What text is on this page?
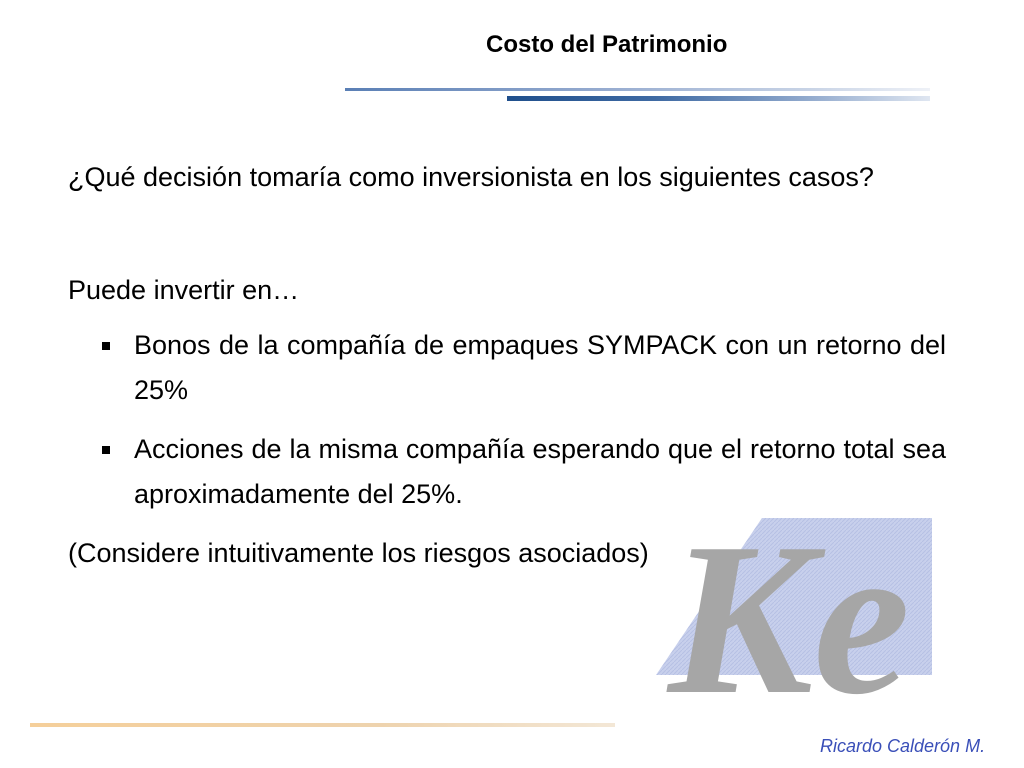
Costo del Patrimonio
Ke

¿Qué decisión tomaría como inversionista en los siguientes casos?

Puede invertir en…

Bonos de la compañía de empaques SYMPACK con un retorno del 25%
Acciones de la misma compañía esperando que el retorno total sea aproximadamente del 25%.

(Considere intuitivamente los riesgos asociados)

Ricardo Calderón M.
